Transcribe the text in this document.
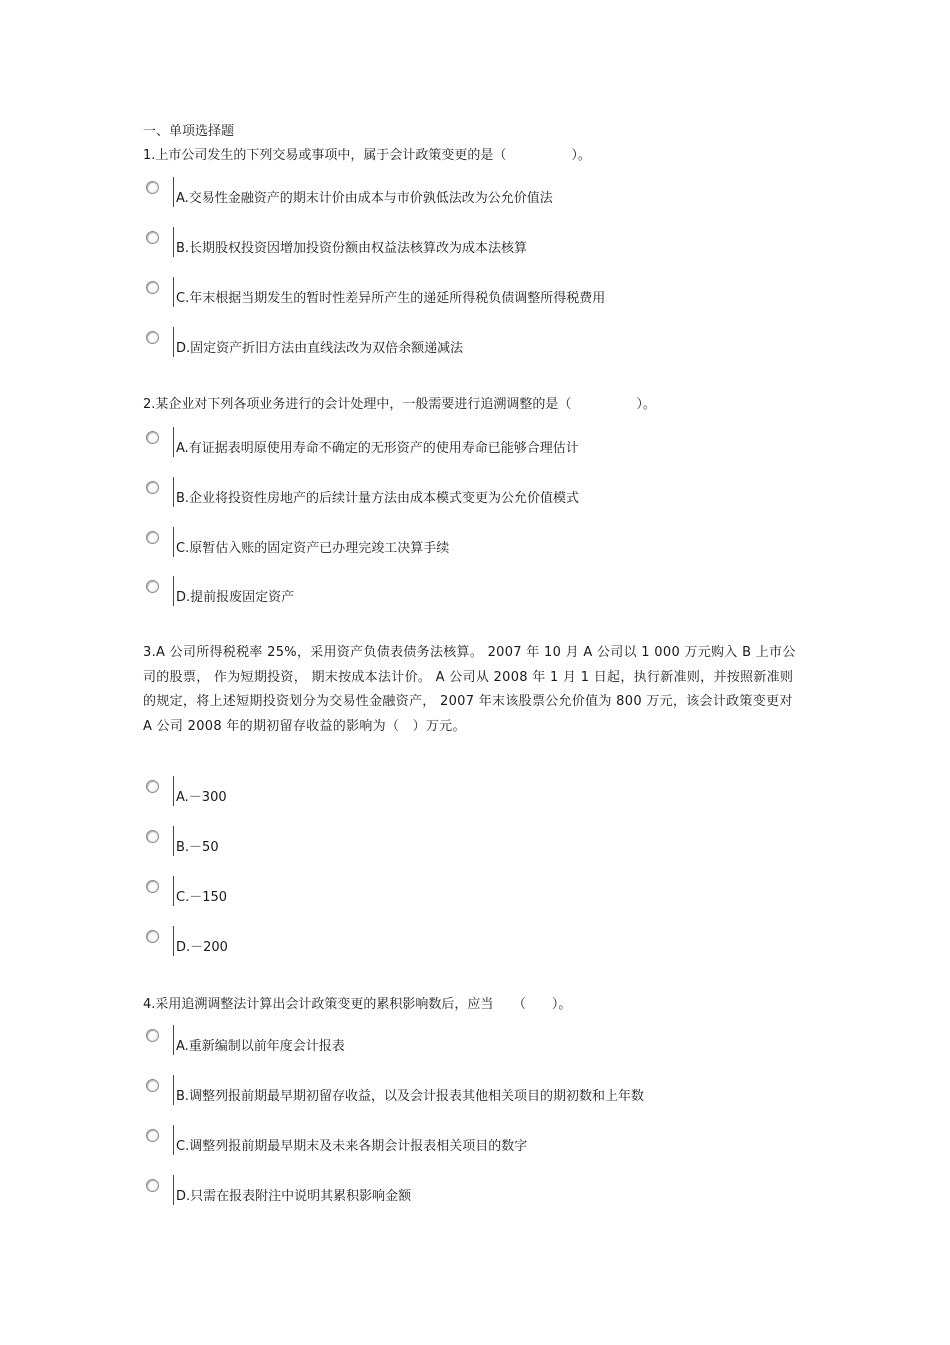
一、单项选择题

1.上市公司发生的下列交易或事项中，属于会计政策变更的是（　　　　　）。

A.交易性金融资产的期末计价由成本与市价孰低法改为公允价值法
B.长期股权投资因增加投资份额由权益法核算改为成本法核算
C.年末根据当期发生的暂时性差异所产生的递延所得税负债调整所得税费用
D.固定资产折旧方法由直线法改为双倍余额递减法

2.某企业对下列各项业务进行的会计处理中，一般需要进行追溯调整的是（　　　　　）。

A.有证据表明原使用寿命不确定的无形资产的使用寿命已能够合理估计
B.企业将投资性房地产的后续计量方法由成本模式变更为公允价值模式
C.原暂估入账的固定资产已办理完竣工决算手续
D.提前报废固定资产

3.A 公司所得税税率 25%，采用资产负债表债务法核算。 2007 年 10 月 A 公司以 1 000 万元购入 B 上市公司的股票， 作为短期投资， 期末按成本法计价。 A 公司从 2008 年 1 月 1 日起，执行新准则，并按照新准则的规定，将上述短期投资划分为交易性金融资产， 2007 年末该股票公允价值为 800 万元，该会计政策变更对 A 公司 2008 年的期初留存收益的影响为（　）万元。

A.－300
B.－50
C.－150
D.－200

4.采用追溯调整法计算出会计政策变更的累积影响数后，应当　　（　　）。

A.重新编制以前年度会计报表
B.调整列报前期最早期初留存收益，以及会计报表其他相关项目的期初数和上年数
C.调整列报前期最早期末及未来各期会计报表相关项目的数字
D.只需在报表附注中说明其累积影响金额
